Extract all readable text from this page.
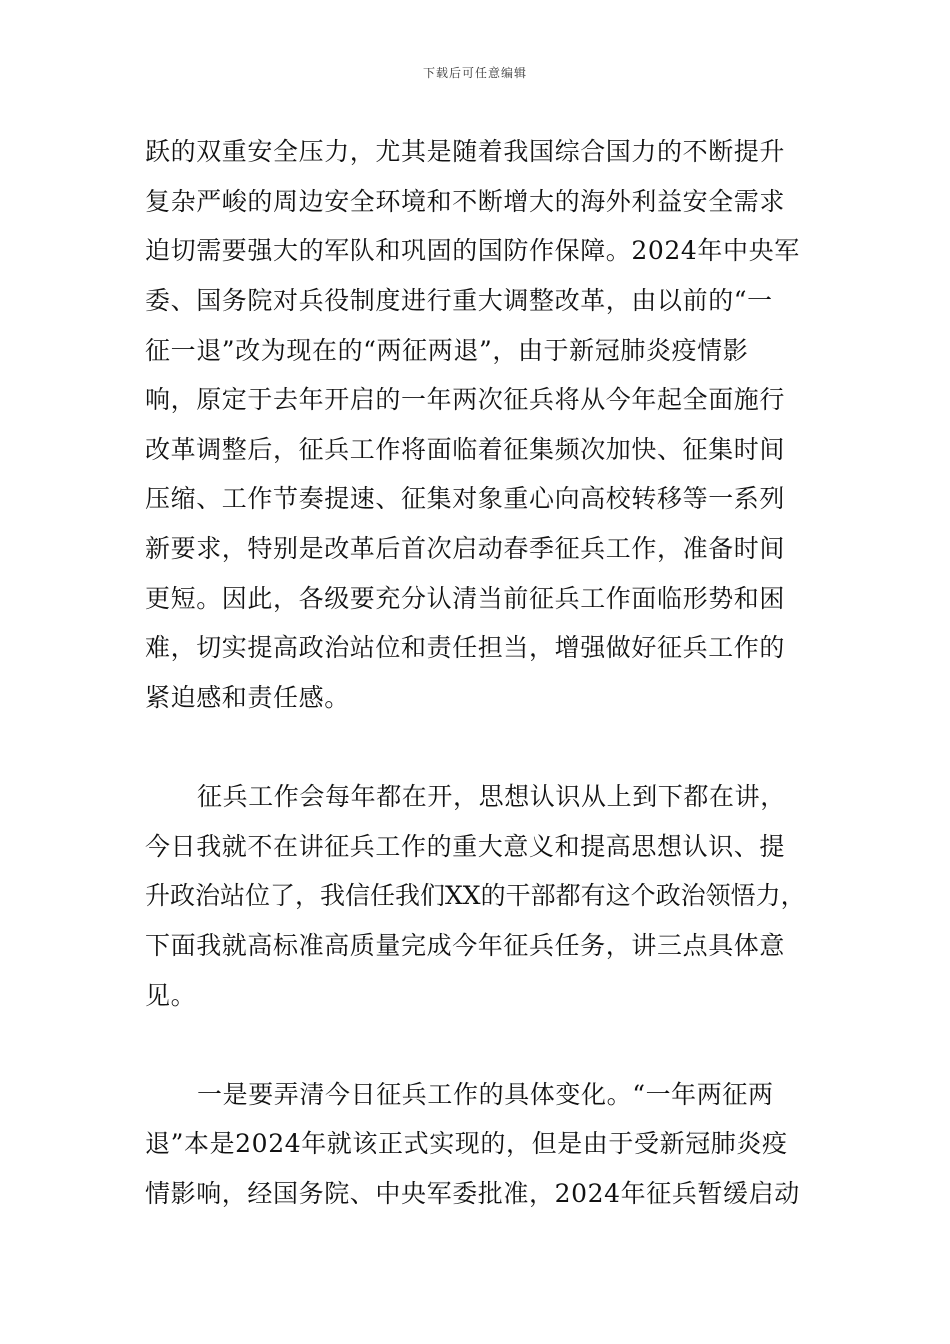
下载后可任意编辑
跃的双重安全压力，尤其是随着我国综合国力的不断提升
复杂严峻的周边安全环境和不断增大的海外利益安全需求
迫切需要强大的军队和巩固的国防作保障。2024年中央军
委、国务院对兵役制度进行重大调整改革，由以前的“一
征一退”改为现在的“两征两退”，由于新冠肺炎疫情影
响，原定于去年开启的一年两次征兵将从今年起全面施行
改革调整后，征兵工作将面临着征集频次加快、征集时间
压缩、工作节奏提速、征集对象重心向高校转移等一系列
新要求，特别是改革后首次启动春季征兵工作，准备时间
更短。因此，各级要充分认清当前征兵工作面临形势和困
难，切实提高政治站位和责任担当，增强做好征兵工作的
紧迫感和责任感。
征兵工作会每年都在开，思想认识从上到下都在讲，
今日我就不在讲征兵工作的重大意义和提高思想认识、提
升政治站位了，我信任我们XX的干部都有这个政治领悟力，
下面我就高标准高质量完成今年征兵任务，讲三点具体意
见。
一是要弄清今日征兵工作的具体变化。“一年两征两
退”本是2024年就该正式实现的，但是由于受新冠肺炎疫
情影响，经国务院、中央军委批准，2024年征兵暂缓启动
